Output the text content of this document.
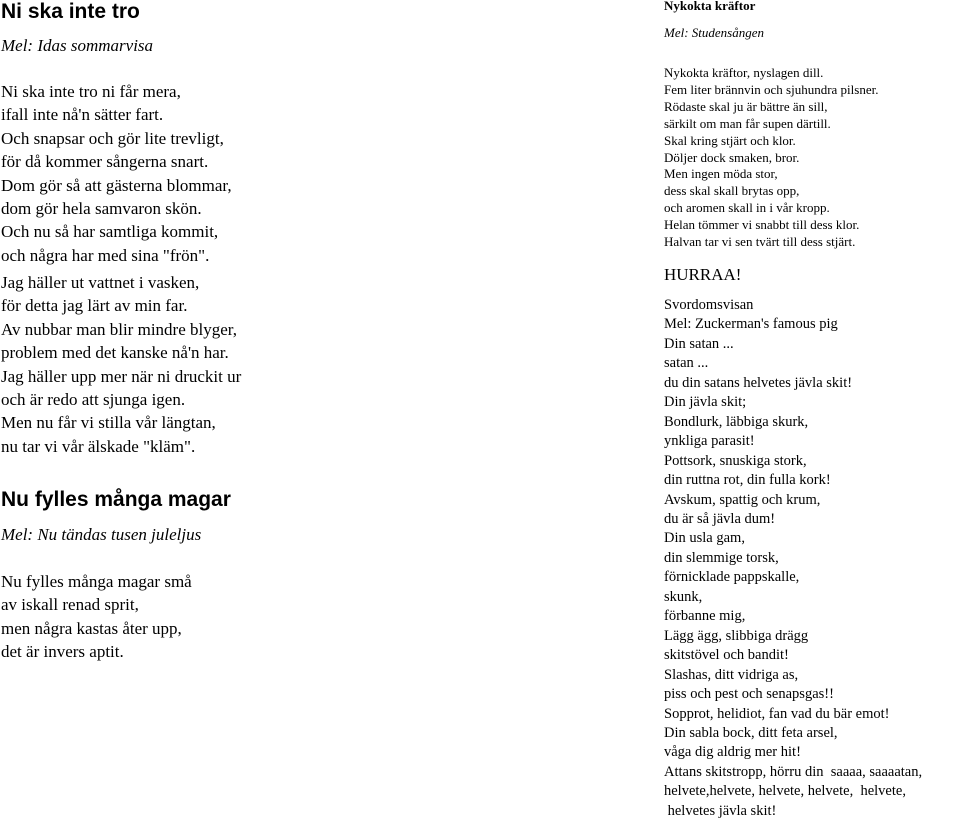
Ni ska inte tro
Mel: Idas sommarvisa
Ni ska inte tro ni får mera,
ifall inte nå'n sätter fart.
Och snapsar och gör lite trevligt,
för då kommer sångerna snart.
Dom gör så att gästerna blommar,
dom gör hela samvaron skön.
Och nu så har samtliga kommit,
och några har med sina "frön".
Jag häller ut vattnet i vasken,
för detta jag lärt av min far.
Av nubbar man blir mindre blyger,
problem med det kanske nå'n har.
Jag häller upp mer när ni druckit ur
och är redo att sjunga igen.
Men nu får vi stilla vår längtan,
nu tar vi vår älskade "kläm".
Nu fylles många magar
Mel: Nu tändas tusen juleljus
Nu fylles många magar små
av iskall renad sprit,
men några kastas åter upp,
det är invers aptit.
Nykokta kräftor
Mel: Studensången
Nykokta kräftor, nyslagen dill.
Fem liter brännvin och sjuhundra pilsner.
Rödaste skal ju är bättre än sill,
särkilt om man får supen därtill.
Skal kring stjärt och klor.
Döljer dock smaken, bror.
Men ingen möda stor,
dess skal skall brytas opp,
och aromen skall in i vår kropp.
Helan tömmer vi snabbt till dess klor.
Halvan tar vi sen tvärt till dess stjärt.
HURRAA!
Svordomsvisan
Mel: Zuckerman's famous pig
Din satan ...
satan ...
du din satans helvetes jävla skit!
Din jävla skit;
Bondlurk, läbbiga skurk,
ynkliga parasit!
Pottsork, snuskiga stork,
din ruttna rot, din fulla kork!
Avskum, spattig och krum,
du är så jävla dum!
Din usla gam,
din slemmige torsk,
förnicklade pappskalle,
skunk,
förbanne mig,
Lägg ägg, slibbiga drägg
skitstövel och bandit!
Slashas, ditt vidriga as,
piss och pest och senapsgas!!
Sopprot, helidiot, fan vad du bär emot!
Din sabla bock, ditt feta arsel,
våga dig aldrig mer hit!
Attans skitstropp, hörru din  saaaa, saaaatan,
helvete,helvete, helvete, helvete,  helvete,
helvetes jävla skit!
